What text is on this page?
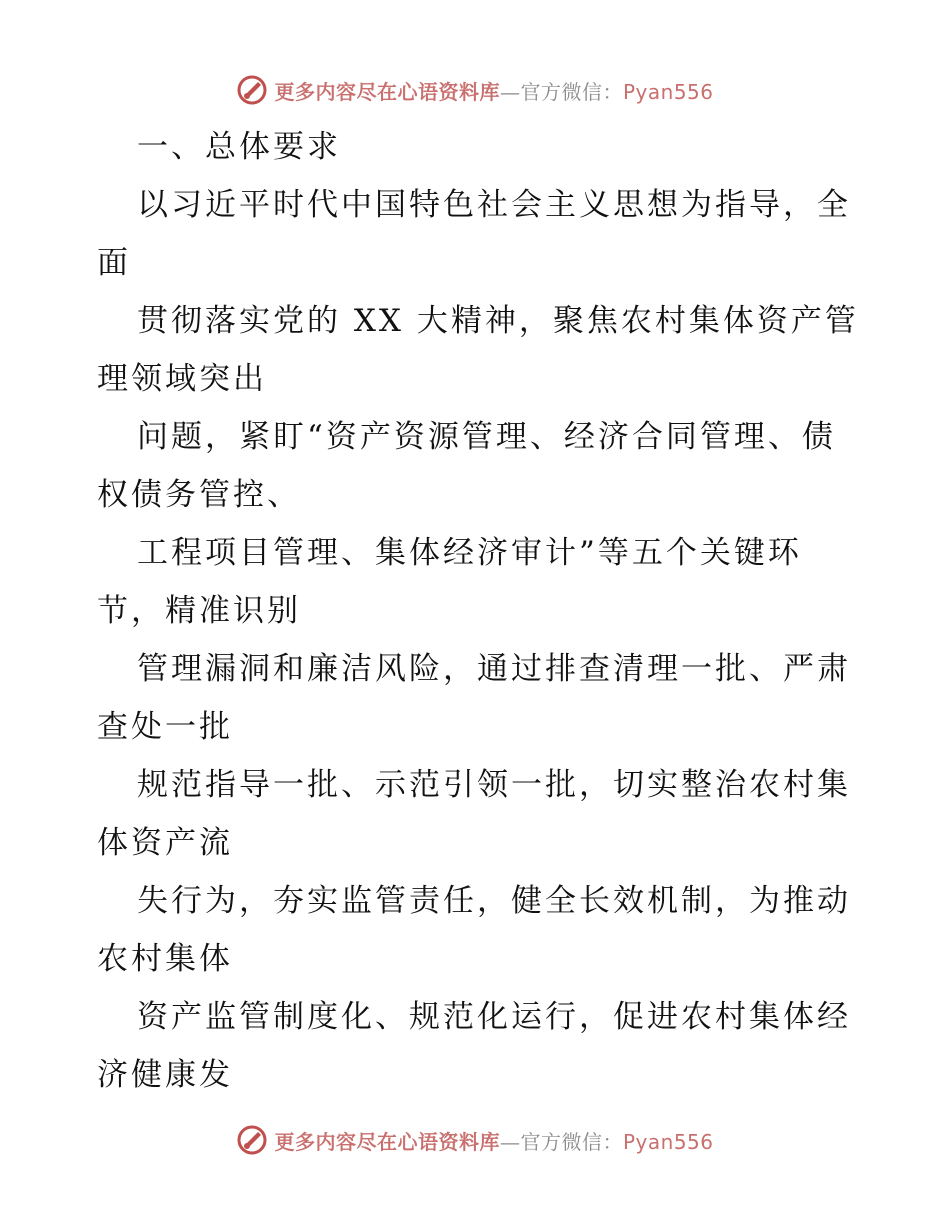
更多内容尽在心语资料库—官方微信：Pyan556
一、总体要求
以习近平时代中国特色社会主义思想为指导，全
面
贯彻落实党的 XX 大精神，聚焦农村集体资产管
理领域突出
问题，紧盯“资产资源管理、经济合同管理、债
权债务管控、
工程项目管理、集体经济审计”等五个关键环
节，精准识别
管理漏洞和廉洁风险，通过排查清理一批、严肃
查处一批
规范指导一批、示范引领一批，切实整治农村集
体资产流
失行为，夯实监管责任，健全长效机制，为推动
农村集体
资产监管制度化、规范化运行，促进农村集体经
济健康发
更多内容尽在心语资料库—官方微信：Pyan556
